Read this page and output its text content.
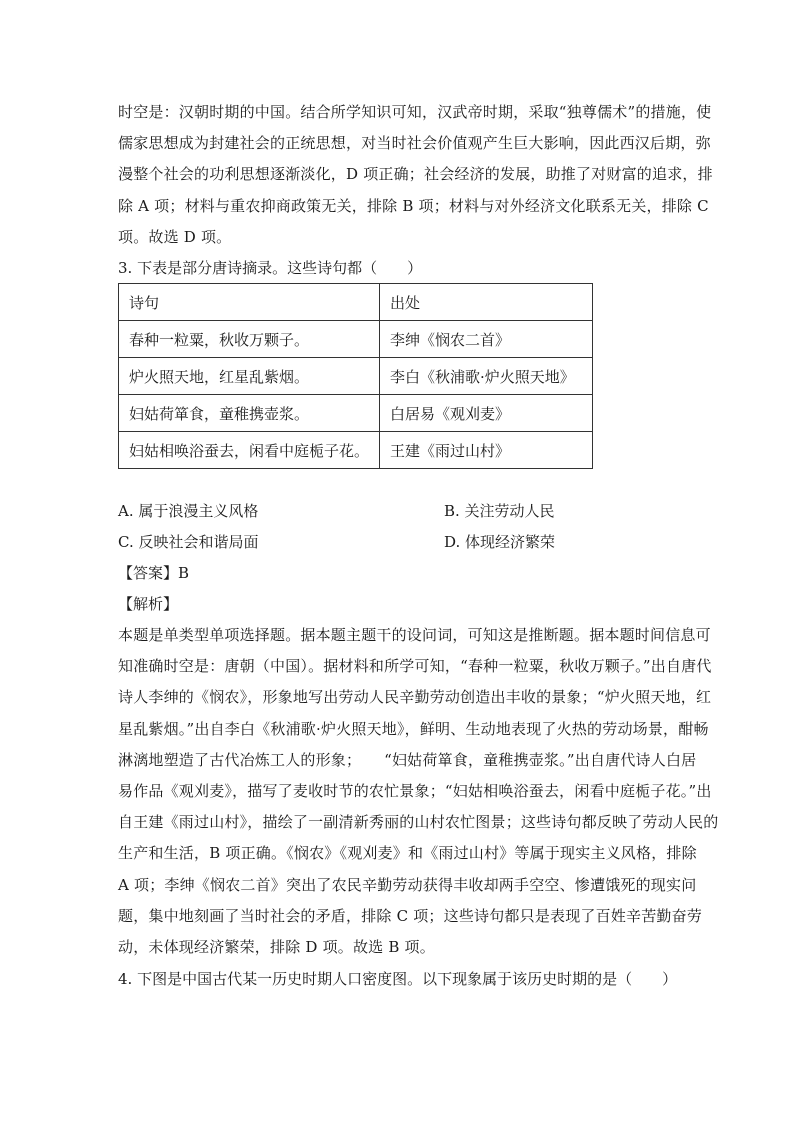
时空是：汉朝时期的中国。结合所学知识可知，汉武帝时期，采取“独尊儒术”的措施，使
儒家思想成为封建社会的正统思想，对当时社会价值观产生巨大影响，因此西汉后期，弥
漫整个社会的功利思想逐渐淡化，D 项正确；社会经济的发展，助推了对财富的追求，排
除 A 项；材料与重农抑商政策无关，排除 B 项；材料与对外经济文化联系无关，排除 C
项。故选 D 项。
3. 下表是部分唐诗摘录。这些诗句都（　　）
诗句	出处
春种一粒粟，秋收万颗子。	李绅《悯农二首》
炉火照天地，红星乱紫烟。	李白《秋浦歌·炉火照天地》
妇姑荷箪食，童稚携壶浆。	白居易《观刈麦》
妇姑相唤浴蚕去，闲看中庭栀子花。	王建《雨过山村》
A. 属于浪漫主义风格	B. 关注劳动人民
C. 反映社会和谐局面	D. 体现经济繁荣
【答案】B
【解析】
本题是单类型单项选择题。据本题主题干的设问词，可知这是推断题。据本题时间信息可
知准确时空是：唐朝（中国）。据材料和所学可知，“春种一粒粟，秋收万颗子。”出自唐代
诗人李绅的《悯农》，形象地写出劳动人民辛勤劳动创造出丰收的景象；“炉火照天地，红
星乱紫烟。”出自李白《秋浦歌·炉火照天地》，鲜明、生动地表现了火热的劳动场景，酣畅
淋漓地塑造了古代冶炼工人的形象；　　“妇姑荷箪食，童稚携壶浆。”出自唐代诗人白居
易作品《观刈麦》，描写了麦收时节的农忙景象；“妇姑相唤浴蚕去，闲看中庭栀子花。”出
自王建《雨过山村》，描绘了一副清新秀丽的山村农忙图景；这些诗句都反映了劳动人民的
生产和生活，B 项正确。《悯农》《观刈麦》和《雨过山村》等属于现实主义风格，排除
A 项；李绅《悯农二首》突出了农民辛勤劳动获得丰收却两手空空、惨遭饿死的现实问
题，集中地刻画了当时社会的矛盾，排除 C 项；这些诗句都只是表现了百姓辛苦勤奋劳
动，未体现经济繁荣，排除 D 项。故选 B 项。
4. 下图是中国古代某一历史时期人口密度图。以下现象属于该历史时期的是（　　）
